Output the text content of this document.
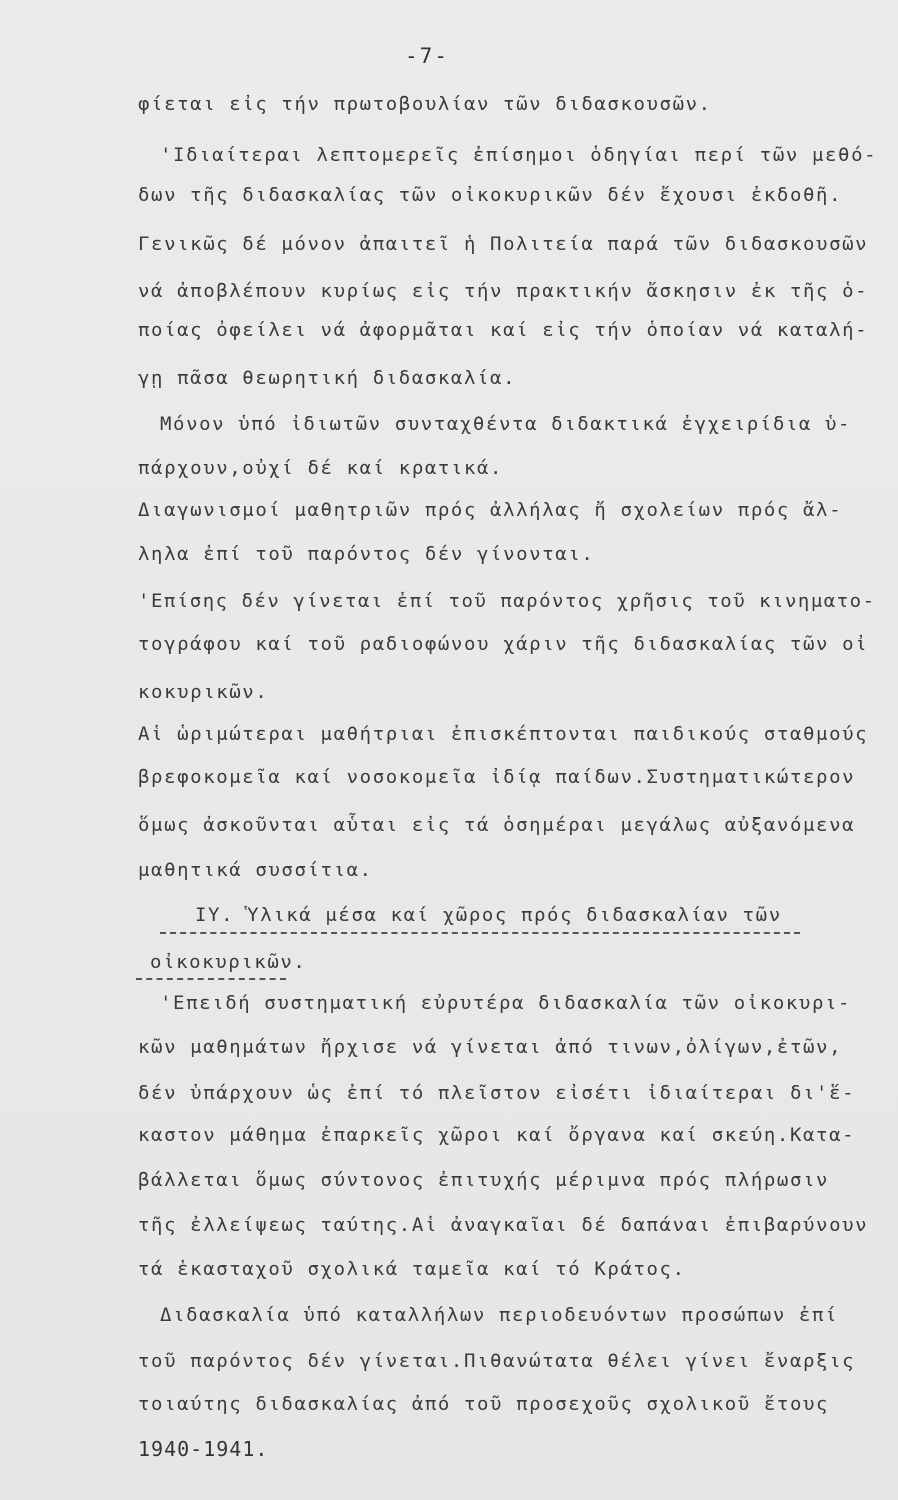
-7-
φίεται εἰς τήν πρωτοβουλίαν τῶν διδασκουσῶν.
'Ιδιαίτεραι λεπτομερεῖς ἐπίσημοι ὁδηγίαι περί τῶν μεθό-
δων τῆς διδασκαλίας τῶν οἰκοκυρικῶν δέν ἔχουσι ἐκδοθῆ.
Γενικῶς δέ μόνον ἀπαιτεῖ ἡ Πολιτεία παρά τῶν διδασκουσῶν
νά ἀποβλέπουν κυρίως εἰς τήν πρακτικήν ἄσκησιν ἐκ τῆς ὁ-
ποίας ὀφείλει νά ἀφορμᾶται καί εἰς τήν ὁποίαν νά καταλή-
γῃ πᾶσα θεωρητική διδασκαλία.
Μόνον ὑπό ἰδιωτῶν συνταχθέντα διδακτικά ἐγχειρίδια ὑ-
πάρχουν,οὐχί δέ καί κρατικά.
Διαγωνισμοί μαθητριῶν πρός ἀλλήλας ἤ σχολείων πρός ἄλ-
ληλα ἐπί τοῦ παρόντος δέν γίνονται.
'Επίσης δέν γίνεται ἐπί τοῦ παρόντος χρῆσις τοῦ κινηματο-
τογράφου καί τοῦ ραδιοφώνου χάριν τῆς διδασκαλίας τῶν οἰ
κοκυρικῶν.
Αἱ ὡριμώτεραι μαθήτριαι ἐπισκέπτονται παιδικούς σταθμούς
βρεφοκομεῖα καί νοσοκομεῖα ἰδίᾳ παίδων.Συστηματικώτερον
ὅμως ἀσκοῦνται αὗται εἰς τά ὁσημέραι μεγάλως αὐξανόμενα
μαθητικά συσσίτια.
ΙΥ. Ὑλικά μέσα καί χῶρος πρός διδασκαλίαν τῶν
οἰκοκυρικῶν.
'Επειδή συστηματική εὐρυτέρα διδασκαλία τῶν οἰκοκυρι-
κῶν μαθημάτων ἤρχισε νά γίνεται ἀπό τινων,ὀλίγων,ἐτῶν,
δέν ὑπάρχουν ὡς ἐπί τό πλεῖστον εἰσέτι ἰδιαίτεραι δι'ἕ-
καστον μάθημα ἐπαρκεῖς χῶροι καί ὄργανα καί σκεύη.Κατα-
βάλλεται ὅμως σύντονος ἐπιτυχής μέριμνα πρός πλήρωσιν
τῆς ἐλλείψεως ταύτης.Αἱ ἀναγκαῖαι δέ δαπάναι ἐπιβαρύνουν
τά ἑκασταχοῦ σχολικά ταμεῖα καί τό Κράτος.
Διδασκαλία ὑπό καταλλήλων περιοδευόντων προσώπων ἐπί
τοῦ παρόντος δέν γίνεται.Πιθανώτατα θέλει γίνει ἔναρξις
τοιαύτης διδασκαλίας ἀπό τοῦ προσεχοῦς σχολικοῦ ἔτους
1940-1941.
